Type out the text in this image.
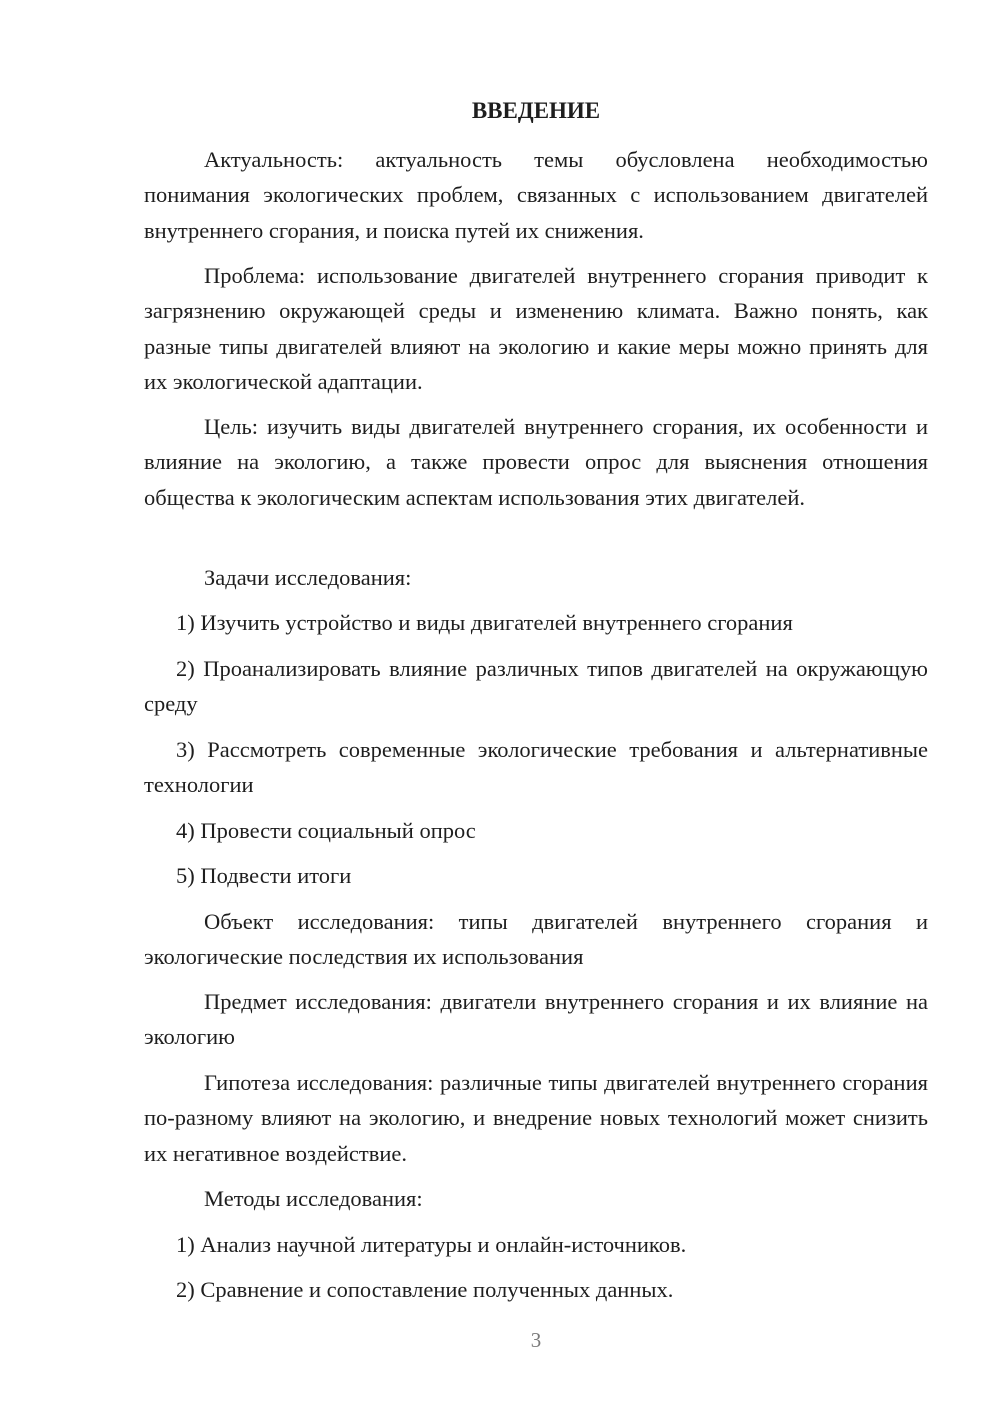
ВВЕДЕНИЕ

Актуальность: актуальность темы обусловлена необходимостью понимания экологических проблем, связанных с использованием двигателей внутреннего сгорания, и поиска путей их снижения.

Проблема: использование двигателей внутреннего сгорания приводит к загрязнению окружающей среды и изменению климата. Важно понять, как разные типы двигателей влияют на экологию и какие меры можно принять для их экологической адаптации.

Цель: изучить виды двигателей внутреннего сгорания, их особенности и влияние на экологию, а также провести опрос для выяснения отношения общества к экологическим аспектам использования этих двигателей.

Задачи исследования:

1) Изучить устройство и виды двигателей внутреннего сгорания

2) Проанализировать влияние различных типов двигателей на окружающую среду

3) Рассмотреть современные экологические требования и альтернативные технологии

4) Провести социальный опрос

5) Подвести итоги

Объект исследования: типы двигателей внутреннего сгорания и экологические последствия их использования

Предмет исследования: двигатели внутреннего сгорания и их влияние на экологию

Гипотеза исследования: различные типы двигателей внутреннего сгорания по-разному влияют на экологию, и внедрение новых технологий может снизить их негативное воздействие.

Методы исследования:

1) Анализ научной литературы и онлайн-источников.

2) Сравнение и сопоставление полученных данных.

3
